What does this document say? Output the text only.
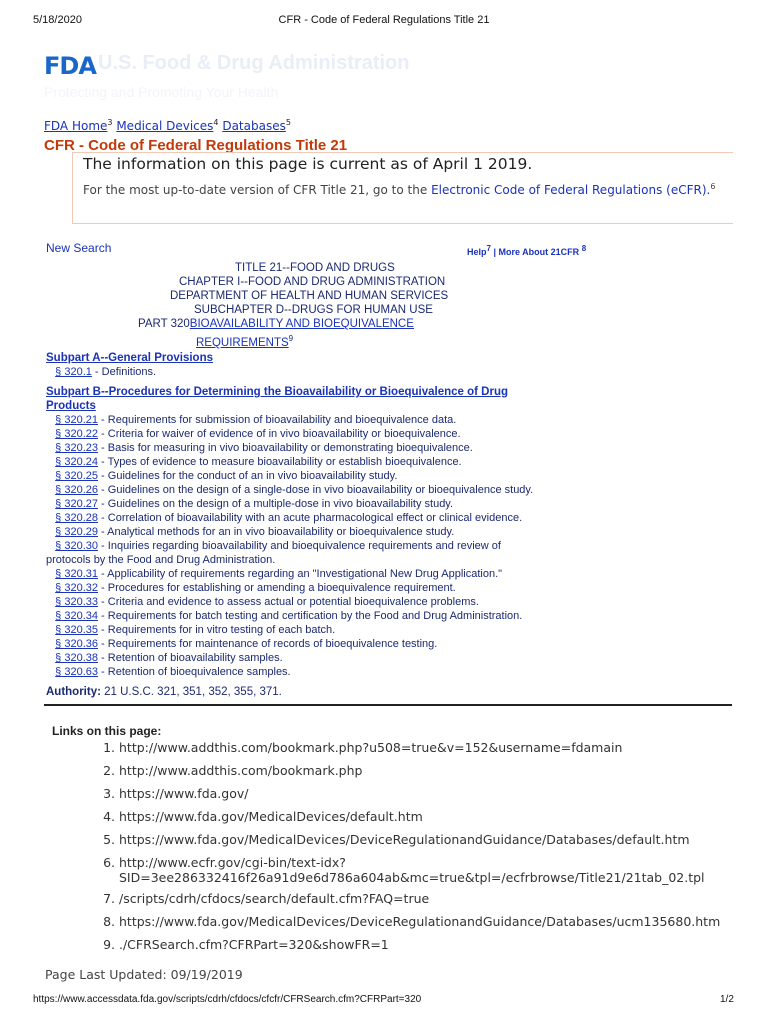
5/18/2020	CFR - Code of Federal Regulations Title 21
FDA U.S. Food & Drug Administration
Protecting and Promoting Your Health
FDA Home$^3$ Medical Devices$^4$ Databases$^5$
CFR - Code of Federal Regulations Title 21
The information on this page is current as of April 1 2019.
For the most up-to-date version of CFR Title 21, go to the Electronic Code of Federal Regulations (eCFR).$^6$
New Search	Help$^7$ | More About 21CFR $^8$
TITLE 21--FOOD AND DRUGS
CHAPTER I--FOOD AND DRUG ADMINISTRATION
DEPARTMENT OF HEALTH AND HUMAN SERVICES
SUBCHAPTER D--DRUGS FOR HUMAN USE
PART 320BIOAVAILABILITY AND BIOEQUIVALENCE
REQUIREMENTS$^9$
Subpart A--General Provisions
§ 320.1 - Definitions.
Subpart B--Procedures for Determining the Bioavailability or Bioequivalence of Drug
Products
§ 320.21 - Requirements for submission of bioavailability and bioequivalence data.
§ 320.22 - Criteria for waiver of evidence of in vivo bioavailability or bioequivalence.
§ 320.23 - Basis for measuring in vivo bioavailability or demonstrating bioequivalence.
§ 320.24 - Types of evidence to measure bioavailability or establish bioequivalence.
§ 320.25 - Guidelines for the conduct of an in vivo bioavailability study.
§ 320.26 - Guidelines on the design of a single-dose in vivo bioavailability or bioequivalence study.
§ 320.27 - Guidelines on the design of a multiple-dose in vivo bioavailability study.
§ 320.28 - Correlation of bioavailability with an acute pharmacological effect or clinical evidence.
§ 320.29 - Analytical methods for an in vivo bioavailability or bioequivalence study.
§ 320.30 - Inquiries regarding bioavailability and bioequivalence requirements and review of
protocols by the Food and Drug Administration.
§ 320.31 - Applicability of requirements regarding an "Investigational New Drug Application."
§ 320.32 - Procedures for establishing or amending a bioequivalence requirement.
§ 320.33 - Criteria and evidence to assess actual or potential bioequivalence problems.
§ 320.34 - Requirements for batch testing and certification by the Food and Drug Administration.
§ 320.35 - Requirements for in vitro testing of each batch.
§ 320.36 - Requirements for maintenance of records of bioequivalence testing.
§ 320.38 - Retention of bioavailability samples.
§ 320.63 - Retention of bioequivalence samples.
Authority: 21 U.S.C. 321, 351, 352, 355, 371.
Links on this page:
1. http://www.addthis.com/bookmark.php?u508=true&v=152&username=fdamain
2. http://www.addthis.com/bookmark.php
3. https://www.fda.gov/
4. https://www.fda.gov/MedicalDevices/default.htm
5. https://www.fda.gov/MedicalDevices/DeviceRegulationandGuidance/Databases/default.htm
6. http://www.ecfr.gov/cgi-bin/text-idx?
SID=3ee286332416f26a91d9e6d786a604ab&mc=true&tpl=/ecfrbrowse/Title21/21tab_02.tpl
7. /scripts/cdrh/cfdocs/search/default.cfm?FAQ=true
8. https://www.fda.gov/MedicalDevices/DeviceRegulationandGuidance/Databases/ucm135680.htm
9. ./CFRSearch.cfm?CFRPart=320&showFR=1
Page Last Updated: 09/19/2019
https://www.accessdata.fda.gov/scripts/cdrh/cfdocs/cfcfr/CFRSearch.cfm?CFRPart=320	1/2
